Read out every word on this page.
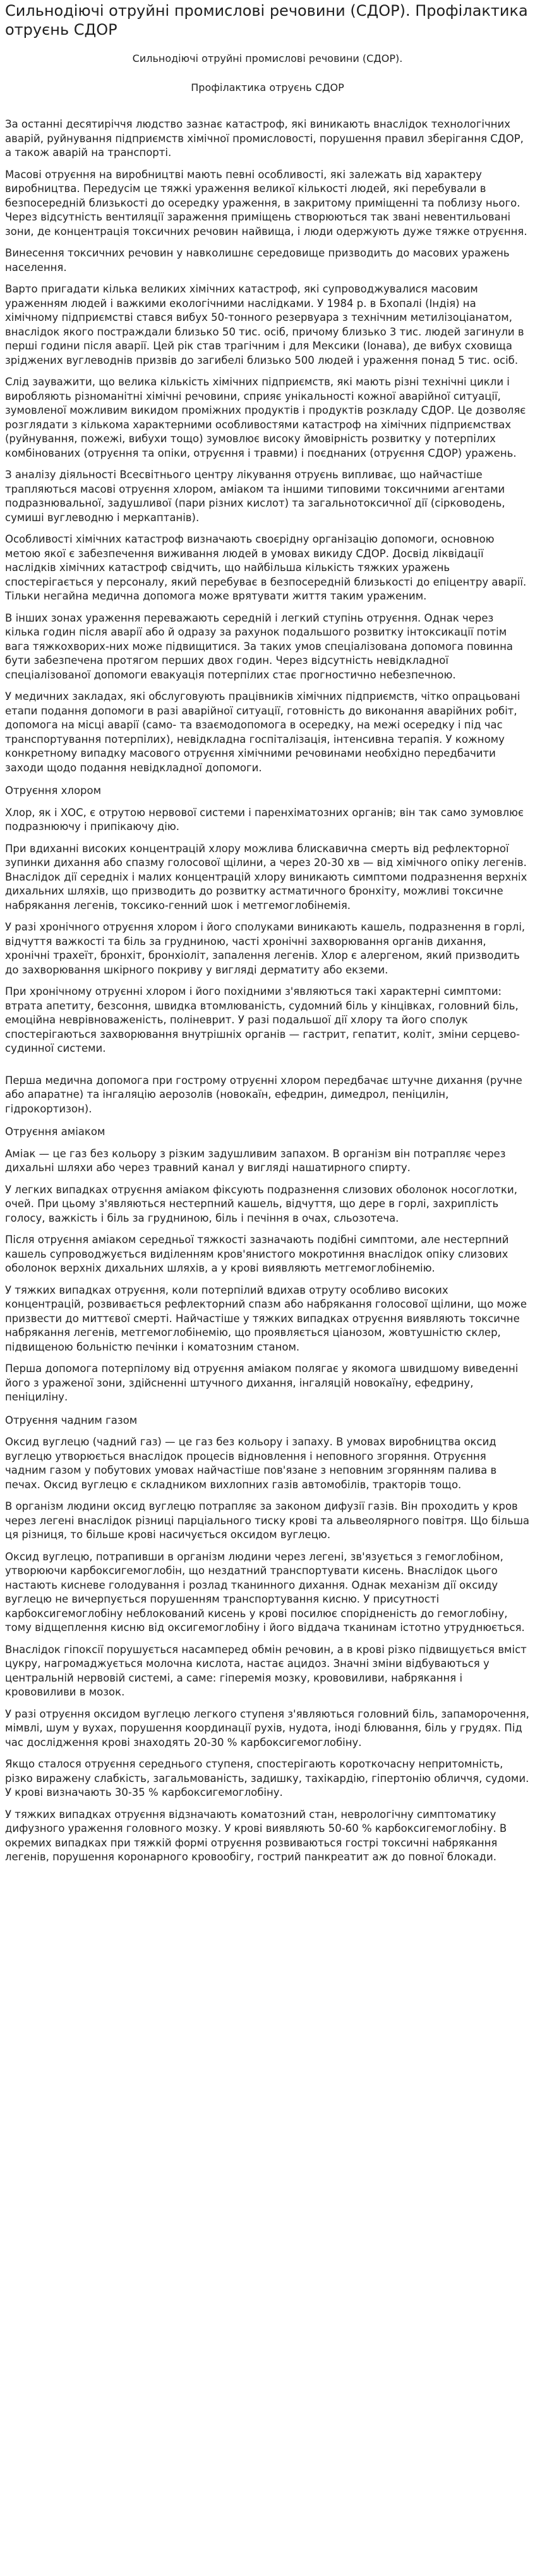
Сильнодіючі отруйні промислові речовини (СДОР). Профілактика отруєнь СДОР
Сильнодіючі отруйні промислові речовини (СДОР).
Профілактика отруєнь СДОР

За останні десятиріччя людство зазнає катастроф, які виникають внаслідок технологічних аварій, руйнування підприємств хімічної промисловості, порушення правил зберігання СДОР, а також аварій на транспорті.

Масові отруєння на виробництві мають певні особливості, які залежать від характеру виробництва. Передусім це тяжкі ураження великої кількості людей, які перебували в безпосередній близькості до осередку ураження, в закритому приміщенні та поблизу нього. Через відсутність вентиляції зараження приміщень створюються так звані невентильовані зони, де концентрація токсичних речовин найвища, і люди одержують дуже тяжке отруєння.

Винесення токсичних речовин у навколишнє середовище призводить до масових уражень населення.

Варто пригадати кілька великих хімічних катастроф, які супроводжувалися масовим ураженням людей і важкими екологічними наслідками. У 1984 р. в Бхопалі (Індія) на хімічному підприємстві стався вибух 50-тонного резервуара з технічним метилізоціанатом, внаслідок якого постраждали близько 50 тис. осіб, причому близько 3 тис. людей загинули в перші години після аварії. Цей рік став трагічним і для Мексики (Іонава), де вибух сховища зріджених вуглеводнів призвів до загибелі близько 500 людей і ураження понад 5 тис. осіб.

Слід зауважити, що велика кількість хімічних підприємств, які мають різні технічні цикли і виробляють різноманітні хімічні речовини, сприяє унікальності кожної аварійної ситуації, зумовленої можливим викидом проміжних продуктів і продуктів розкладу СДОР. Це дозволяє розглядати з кількома характерними особливостями катастроф на хімічних підприємствах (руйнування, пожежі, вибухи тощо) зумовлює високу ймовірність розвитку у потерпілих комбінованих (отруєння та опіки, отруєння і травми) і поєднаних (отруєння СДОР) уражень.

З аналізу діяльності Всесвітнього центру лікування отруєнь випливає, що найчастіше трапляються масові отруєння хлором, аміаком та іншими типовими токсичними агентами подразнювальної, задушливої (пари різних кислот) та загальнотоксичної дії (сірководень, сумиші вуглеводню і меркаптанів).

Особливості хімічних катастроф визначають своєрідну організацію допомоги, основною метою якої є забезпечення виживання людей в умовах викиду СДОР. Досвід ліквідації наслідків хімічних катастроф свідчить, що найбільша кількість тяжких уражень спостерігається у персоналу, який перебуває в безпосередній близькості до епіцентру аварії. Тільки негайна медична допомога може врятувати життя таким ураженим.

В інших зонах ураження переважають середній і легкий ступінь отруєння. Однак через кілька годин після аварії або й одразу за рахунок подальшого розвитку інтоксикації потім вага тяжкохворих-них може підвищитися. За таких умов спеціалізована допомога повинна бути забезпечена протягом перших двох годин. Через відсутність невідкладної спеціалізованої допомоги евакуація потерпілих стає прогностично небезпечною.

У медичних закладах, які обслуговують працівників хімічних підприємств, чітко опрацьовані етапи подання допомоги в разі аварійної ситуації, готовність до виконання аварійних робіт, допомога на місці аварії (само- та взаємодопомога в осередку, на межі осередку і під час транспортування потерпілих), невідкладна госпіталізація, інтенсивна терапія. У кожному конкретному випадку масового отруєння хімічними речовинами необхідно передбачити заходи щодо подання невідкладної допомоги.

Отруєння хлором

Хлор, як і ХОС, є отрутою нервової системи і паренхіматозних органів; він так само зумовлює подразнюючу і припікаючу дію.

При вдиханні високих концентрацій хлору можлива блискавична смерть від рефлекторної зупинки дихання або спазму голосової щілини, а через 20-30 хв — від хімічного опіку легенів. Внаслідок дії середніх і малих концентрацій хлору виникають симптоми подразнення верхніх дихальних шляхів, що призводить до розвитку астматичного бронхіту, можливі токсичне набрякання легенів, токсико-генний шок і метгемоглобінемія.

У разі хронічного отруєння хлором і його сполуками виникають кашель, подразнення в горлі, відчуття важкості та біль за грудниною, часті хронічні захворювання органів дихання, хронічні трахеїт, бронхіт, бронхіоліт, запалення легенів. Хлор є алергеном, який призводить до захворювання шкірного покриву у вигляді дерматиту або екземи.

При хронічному отруєнні хлором і його похідними з'являються такі характерні симптоми: втрата апетиту, безсоння, швидка втомлюваність, судомний біль у кінцівках, головний біль, емоційна неврівноваженість, поліневрит. У разі подальшої дії хлору та його сполук спостерігаються захворювання внутрішніх органів — гастрит, гепатит, коліт, зміни серцево-судинної системи.

Перша медична допомога при гострому отруєнні хлором передбачає штучне дихання (ручне або апаратне) та інгаляцію аерозолів (новокаїн, ефедрин, димедрол, пеніцилін, гідрокортизон).

Отруєння аміаком

Аміак — це газ без кольору з різким задушливим запахом. В організм він потрапляє через дихальні шляхи або через травний канал у вигляді нашатирного спирту.

У легких випадках отруєння аміаком фіксують подразнення слизових оболонок носоглотки, очей. При цьому з'являються нестерпний кашель, відчуття, що дере в горлі, захриплість голосу, важкість і біль за грудниною, біль і печіння в очах, сльозотеча.

Після отруєння аміаком середньої тяжкості зазначають подібні симптоми, але нестерпний кашель супроводжується виділенням кров'янистого мокротиння внаслідок опіку слизових оболонок верхніх дихальних шляхів, а у крові виявляють метгемоглобінемію.

У тяжких випадках отруєння, коли потерпілий вдихав отруту особливо високих концентрацій, розвивається рефлекторний спазм або набрякання голосової щілини, що може призвести до миттєвої смерті. Найчастіше у тяжких випадках отруєння виявляють токсичне набрякання легенів, метгемоглобінемію, що проявляється ціанозом, жовтушністю склер, підвищеною больністю печінки і коматозним станом.

Перша допомога потерпілому від отруєння аміаком полягає у якомога швидшому виведенні його з ураженої зони, здійсненні штучного дихання, інгаляцій новокаїну, ефедрину, пеніциліну.

Отруєння чадним газом

Оксид вуглецю (чадний газ) — це газ без кольору і запаху. В умовах виробництва оксид вуглецю утворюється внаслідок процесів відновлення і неповного згоряння. Отруєння чадним газом у побутових умовах найчастіше пов'язане з неповним згорянням палива в печах. Оксид вуглецю є складником вихлопних газів автомобілів, тракторів тощо.

В організм людини оксид вуглецю потрапляє за законом дифузії газів. Він проходить у кров через легені внаслідок різниці парціального тиску крові та альвеолярного повітря. Що більша ця різниця, то більше крові насичується оксидом вуглецю.

Оксид вуглецю, потрапивши в організм людини через легені, зв'язується з гемоглобіном, утворюючи карбоксигемоглобін, що нездатний транспортувати кисень. Внаслідок цього настають кисневе голодування і розлад тканинного дихання. Однак механізм дії оксиду вуглецю не вичерпується порушенням транспортування кисню. У присутності карбоксигемоглобіну неблокований кисень у крові посилює спорідненість до гемоглобіну, тому відщеплення кисню від оксигемоглобіну і його віддача тканинам істотно утруднюється.

Внаслідок гіпоксії порушується насамперед обмін речовин, а в крові різко підвищується вміст цукру, нагромаджується молочна кислота, настає ацидоз. Значні зміни відбуваються у центральній нервовій системі, а саме: гіперемія мозку, крововиливи, набрякання і крововиливи в мозок.

У разі отруєння оксидом вуглецю легкого ступеня з'являються головний біль, запаморочення, мімвлі, шум у вухах, порушення координації рухів, нудота, іноді блювання, біль у грудях. Під час дослідження крові знаходять 20-30 % карбоксигемоглобіну.

Якщо сталося отруєння середнього ступеня, спостерігають короткочасну непритомність, різко виражену слабкість, загальмованість, задишку, тахікардію, гіпертонію обличчя, судоми. У крові визначають 30-35 % карбоксигемоглобіну.

У тяжких випадках отруєння відзначають коматозний стан, неврологічну симптоматику дифузного ураження головного мозку. У крові виявляють 50-60 % карбоксигемоглобіну. В окремих випадках при тяжкій формі отруєння розвиваються гострі токсичні набрякання легенів, порушення коронарного кровообігу, гострий панкреатит аж до повної блокади.
